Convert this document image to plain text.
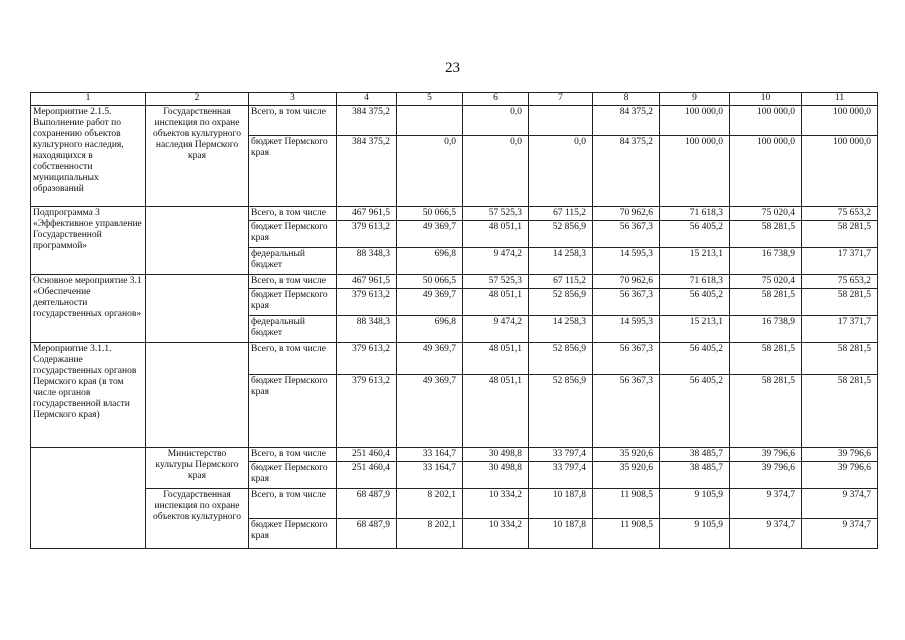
23
1	2	3	4	5	6	7	8	9	10	11
Мероприятие 2.1.5. Выполнение работ по сохранению объектов культурного наследия, находящихся в собственности муниципальных образований	Государственная инспекция по охране объектов культурного наследия Пермского края	Всего, в том числе	384 375,2		0,0		84 375,2	100 000,0	100 000,0	100 000,0
		бюджет Пермского края	384 375,2	0,0	0,0	0,0	84 375,2	100 000,0	100 000,0	100 000,0
Подпрограмма 3 «Эффективное управление Государственной программой»		Всего, в том числе	467 961,5	50 066,5	57 525,3	67 115,2	70 962,6	71 618,3	75 020,4	75 653,2
		бюджет Пермского края	379 613,2	49 369,7	48 051,1	52 856,9	56 367,3	56 405,2	58 281,5	58 281,5
		федеральный бюджет	88 348,3	696,8	9 474,2	14 258,3	14 595,3	15 213,1	16 738,9	17 371,7
Основное мероприятие 3.1 «Обеспечение деятельности государственных органов»		Всего, в том числе	467 961,5	50 066,5	57 525,3	67 115,2	70 962,6	71 618,3	75 020,4	75 653,2
		бюджет Пермского края	379 613,2	49 369,7	48 051,1	52 856,9	56 367,3	56 405,2	58 281,5	58 281,5
		федеральный бюджет	88 348,3	696,8	9 474,2	14 258,3	14 595,3	15 213,1	16 738,9	17 371,7
Мероприятие 3.1.1. Содержание государственных органов Пермского края (в том числе органов государственной власти Пермского края)		Всего, в том числе	379 613,2	49 369,7	48 051,1	52 856,9	56 367,3	56 405,2	58 281,5	58 281,5
		бюджет Пермского края	379 613,2	49 369,7	48 051,1	52 856,9	56 367,3	56 405,2	58 281,5	58 281,5
	Министерство культуры Пермского края	Всего, в том числе	251 460,4	33 164,7	30 498,8	33 797,4	35 920,6	38 485,7	39 796,6	39 796,6
		бюджет Пермского края	251 460,4	33 164,7	30 498,8	33 797,4	35 920,6	38 485,7	39 796,6	39 796,6
	Государственная инспекция по охране объектов культурного	Всего, в том числе	68 487,9	8 202,1	10 334,2	10 187,8	11 908,5	9 105,9	9 374,7	9 374,7
		бюджет Пермского края	68 487,9	8 202,1	10 334,2	10 187,8	11 908,5	9 105,9	9 374,7	9 374,7
